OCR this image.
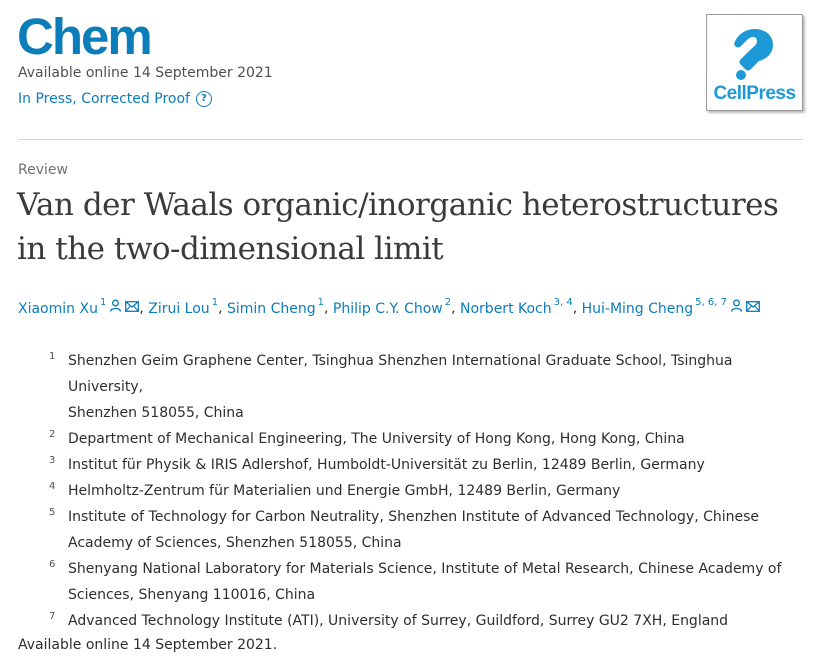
Chem
Available online 14 September 2021
In Press, Corrected Proof	?	CellPress
Review
Van der Waals organic/inorganic heterostructures
in the two-dimensional limit
Xiaomin Xu $^1$ , Zirui Lou $^1$, Simin Cheng $^1$, Philip C.Y. Chow $^2$, Norbert Koch $^{3, 4}$, Hui-Ming Cheng $^{5, 6, 7}$
1 Shenzhen Geim Graphene Center, Tsinghua Shenzhen International Graduate School, Tsinghua University,
Shenzhen 518055, China
2 Department of Mechanical Engineering, The University of Hong Kong, Hong Kong, China
3 Institut für Physik & IRIS Adlershof, Humboldt-Universität zu Berlin, 12489 Berlin, Germany
4 Helmholtz-Zentrum für Materialien und Energie GmbH, 12489 Berlin, Germany
5 Institute of Technology for Carbon Neutrality, Shenzhen Institute of Advanced Technology, Chinese
Academy of Sciences, Shenzhen 518055, China
6 Shenyang National Laboratory for Materials Science, Institute of Metal Research, Chinese Academy of
Sciences, Shenyang 110016, China
7 Advanced Technology Institute (ATI), University of Surrey, Guildford, Surrey GU2 7XH, England
Available online 14 September 2021.
